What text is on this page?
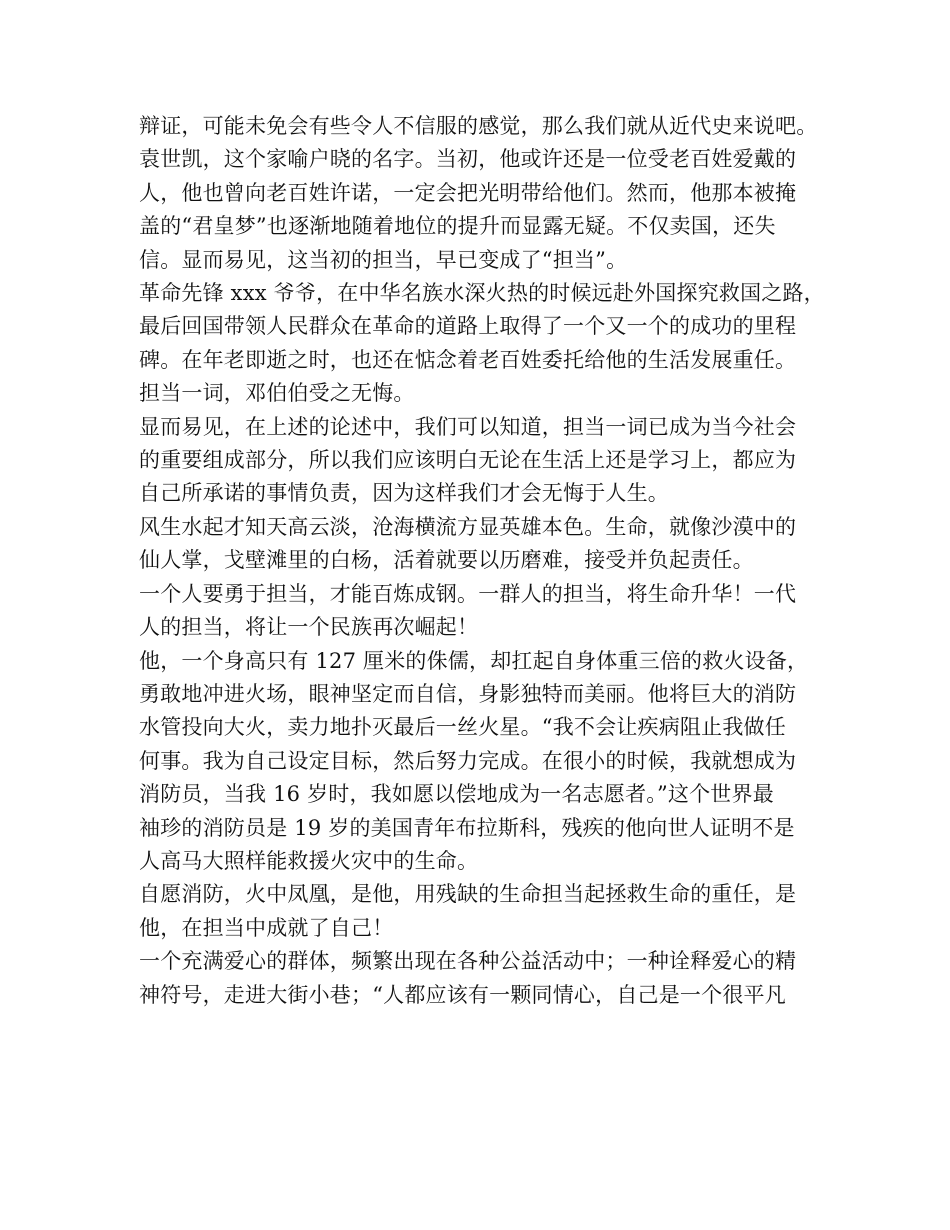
辩证，可能未免会有些令人不信服的感觉，那么我们就从近代史来说吧。
袁世凯，这个家喻户晓的名字。当初，他或许还是一位受老百姓爱戴的
人，他也曾向老百姓许诺，一定会把光明带给他们。然而，他那本被掩
盖的“君皇梦”也逐渐地随着地位的提升而显露无疑。不仅卖国，还失
信。显而易见，这当初的担当，早已变成了“担当”。
革命先锋 xxx 爷爷，在中华名族水深火热的时候远赴外国探究救国之路，
最后回国带领人民群众在革命的道路上取得了一个又一个的成功的里程
碑。在年老即逝之时，也还在惦念着老百姓委托给他的生活发展重任。
担当一词，邓伯伯受之无悔。
显而易见，在上述的论述中，我们可以知道，担当一词已成为当今社会
的重要组成部分，所以我们应该明白无论在生活上还是学习上，都应为
自己所承诺的事情负责，因为这样我们才会无悔于人生。
风生水起才知天高云淡，沧海横流方显英雄本色。生命，就像沙漠中的
仙人掌，戈壁滩里的白杨，活着就要以历磨难，接受并负起责任。
一个人要勇于担当，才能百炼成钢。一群人的担当，将生命升华！一代
人的担当，将让一个民族再次崛起！
他，一个身高只有 127 厘米的侏儒，却扛起自身体重三倍的救火设备，
勇敢地冲进火场，眼神坚定而自信，身影独特而美丽。他将巨大的消防
水管投向大火，卖力地扑灭最后一丝火星。“我不会让疾病阻止我做任
何事。我为自己设定目标，然后努力完成。在很小的时候，我就想成为
消防员，当我 16 岁时，我如愿以偿地成为一名志愿者。”这个世界最
袖珍的消防员是 19 岁的美国青年布拉斯科，残疾的他向世人证明不是
人高马大照样能救援火灾中的生命。
自愿消防，火中凤凰，是他，用残缺的生命担当起拯救生命的重任，是
他，在担当中成就了自己！
一个充满爱心的群体，频繁出现在各种公益活动中；一种诠释爱心的精
神符号，走进大街小巷；“人都应该有一颗同情心，自己是一个很平凡
